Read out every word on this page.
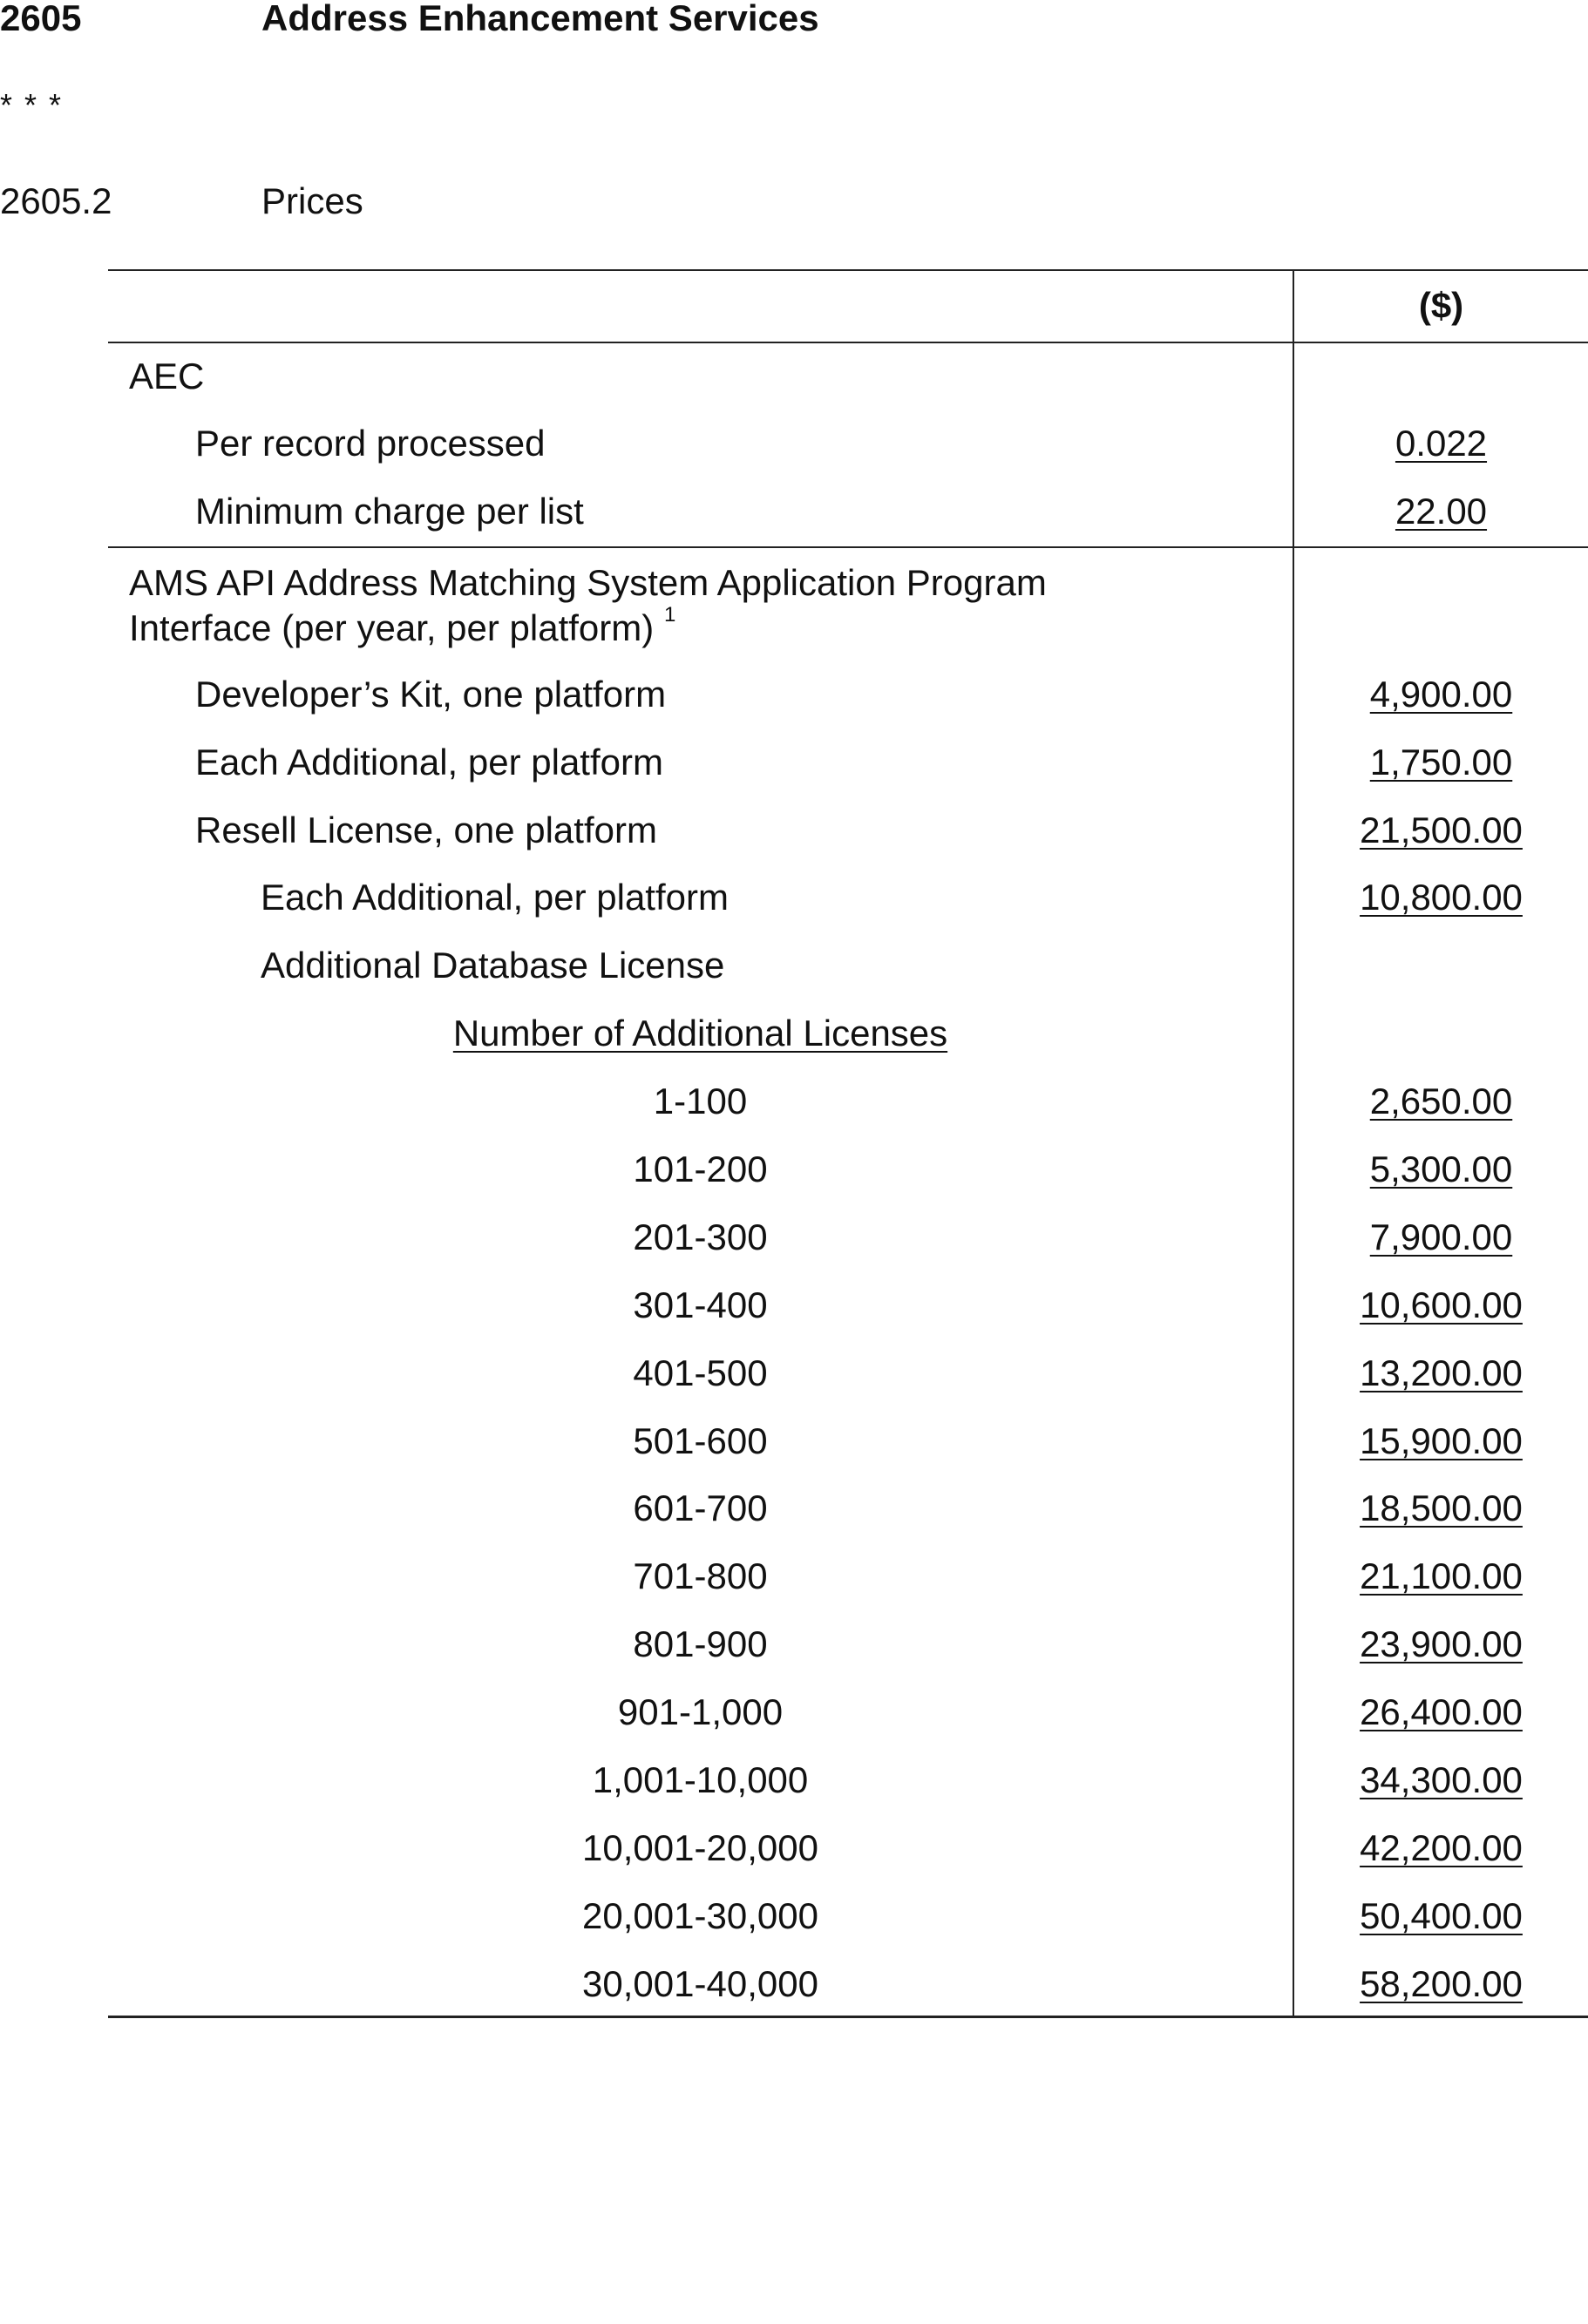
2605	Address Enhancement Services
* * *
2605.2	Prices
($)
AEC
Per record processed	0.022
Minimum charge per list	22.00
AMS API Address Matching System Application Program
Interface (per year, per platform) $^1$
Developer’s Kit, one platform	4,900.00
Each Additional, per platform	1,750.00
Resell License, one platform	21,500.00
Each Additional, per platform	10,800.00
Additional Database License
Number of Additional Licenses
1-100	2,650.00
101-200	5,300.00
201-300	7,900.00
301-400	10,600.00
401-500	13,200.00
501-600	15,900.00
601-700	18,500.00
701-800	21,100.00
801-900	23,900.00
901-1,000	26,400.00
1,001-10,000	34,300.00
10,001-20,000	42,200.00
20,001-30,000	50,400.00
30,001-40,000	58,200.00
